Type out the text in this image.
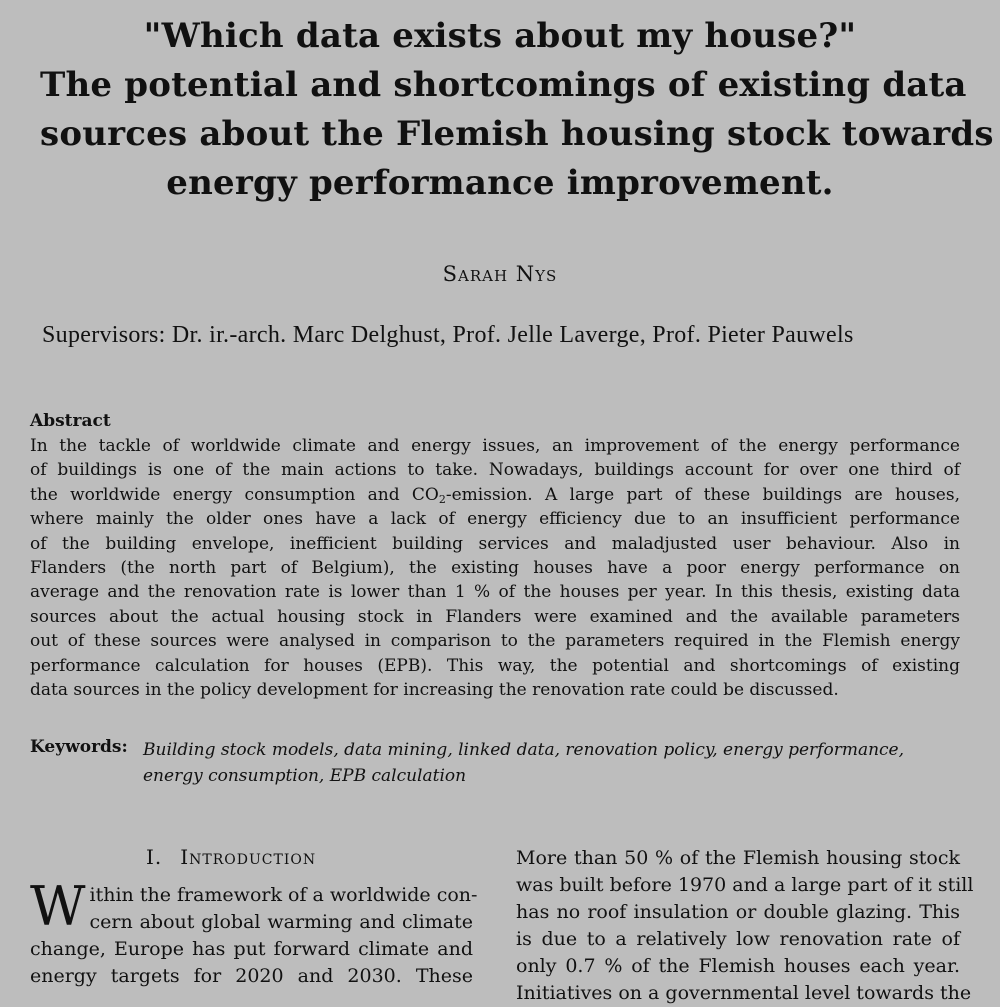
"Which data exists about my house?"
The potential and shortcomings of existing data
sources about the Flemish housing stock towards
energy performance improvement.
Sarah Nys
Supervisors: Dr. ir.-arch. Marc Delghust, Prof. Jelle Laverge, Prof. Pieter Pauwels
Abstract
In the tackle of worldwide climate and energy issues, an improvement of the energy performance
of buildings is one of the main actions to take. Nowadays, buildings account for over one third of
the worldwide energy consumption and $CO_2$-emission. A large part of these buildings are houses,
where mainly the older ones have a lack of energy efficiency due to an insufficient performance
of the building envelope, inefficient building services and maladjusted user behaviour. Also in
Flanders (the north part of Belgium), the existing houses have a poor energy performance on
average and the renovation rate is lower than 1 % of the houses per year. In this thesis, existing data
sources about the actual housing stock in Flanders were examined and the available parameters
out of these sources were analysed in comparison to the parameters required in the Flemish energy
performance calculation for houses (EPB). This way, the potential and shortcomings of existing
data sources in the policy development for increasing the renovation rate could be discussed.
Keywords: Building stock models, data mining, linked data, renovation policy, energy performance,
energy consumption, EPB calculation
I. Introduction
W ithin the framework of a worldwide con-
cern about global warming and climate
change, Europe has put forward climate and
energy targets for 2020 and 2030. These
More than 50 % of the Flemish housing stock
was built before 1970 and a large part of it still
has no roof insulation or double glazing. This
is due to a relatively low renovation rate of
only 0.7 % of the Flemish houses each year.
Initiatives on a governmental level towards the
